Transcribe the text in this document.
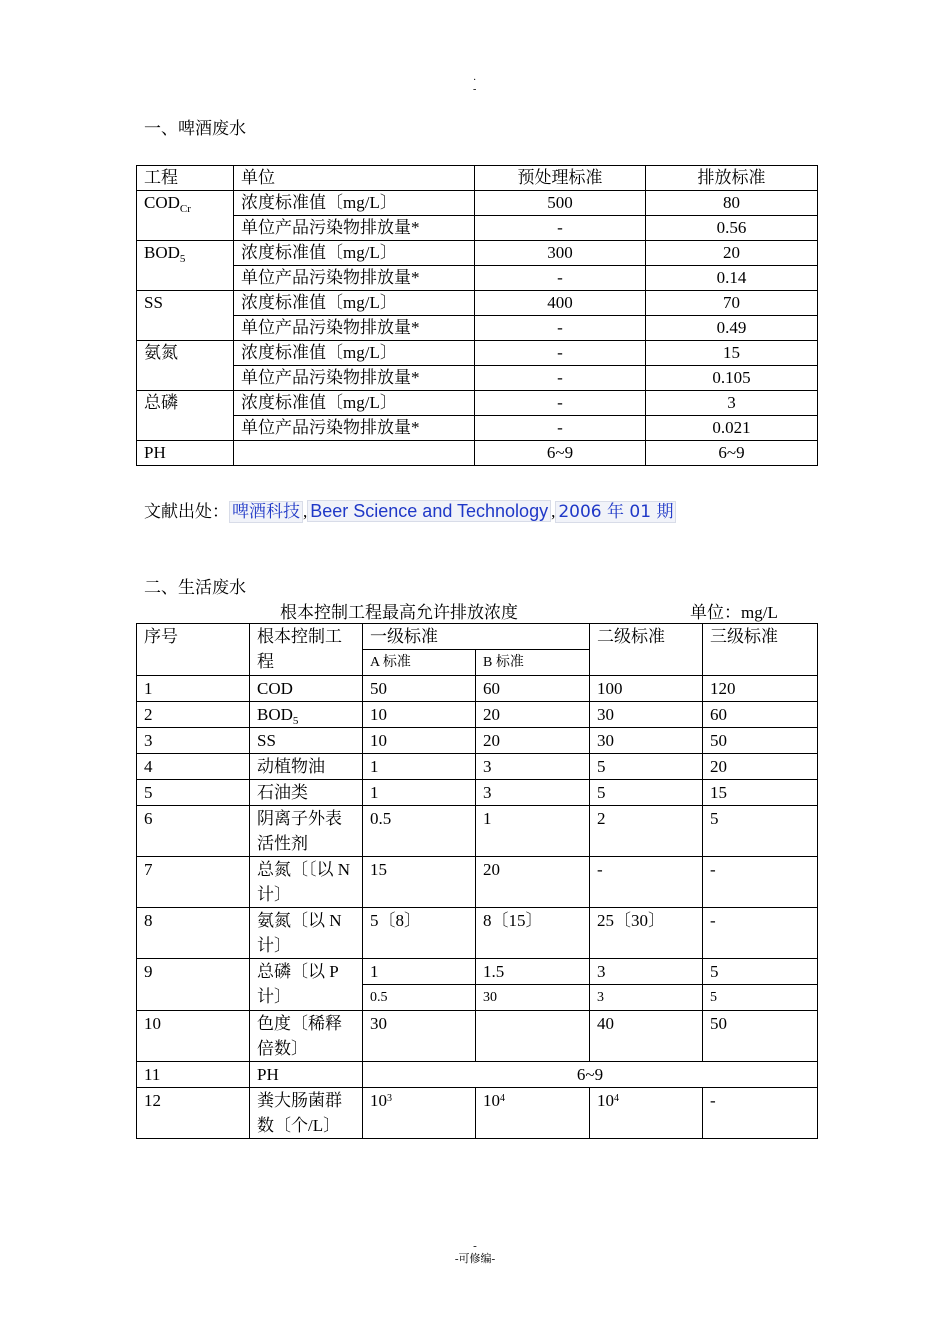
·
-
一、啤酒废水
工程	单位	预处理标准	排放标准
$COD_{Cr}$	浓度标准值〔mg/L〕	500	80
	单位产品污染物排放量*	-	0.56
$BOD_5$	浓度标准值〔mg/L〕	300	20
	单位产品污染物排放量*	-	0.14
SS	浓度标准值〔mg/L〕	400	70
	单位产品污染物排放量*	-	0.49
氨氮	浓度标准值〔mg/L〕	-	15
	单位产品污染物排放量*	-	0.105
总磷	浓度标准值〔mg/L〕	-	3
	单位产品污染物排放量*	-	0.021
PH		6~9	6~9
文献出处： 啤酒科技 , Beer Science and Technology , 2006 年 01 期
二、生活废水
根本控制工程最高允许排放浓度	单位：mg/L
序号	根本控制工程	一级标准		二级标准	三级标准
		A 标准	B 标准		
1	COD	50	60	100	120
2	$BOD_5$	10	20	30	60
3	SS	10	20	30	50
4	动植物油	1	3	5	20
5	石油类	1	3	5	15
6	阴离子外表活性剂	0.5	1	2	5
7	总氮〔〔以 N 计〕	15	20	-	-
8	氨氮〔以 N 计〕	5〔8〕	8〔15〕	25〔30〕	-
9	总磷〔以 P 计〕	1	1.5	3	5
		0.5	30	3	5
10	色度〔稀释倍数〕	30		40	50
11	PH	6~9			
12	粪大肠菌群数〔个/L〕	$10^3$	$10^4$	$10^4$	-
-
-可修编-
